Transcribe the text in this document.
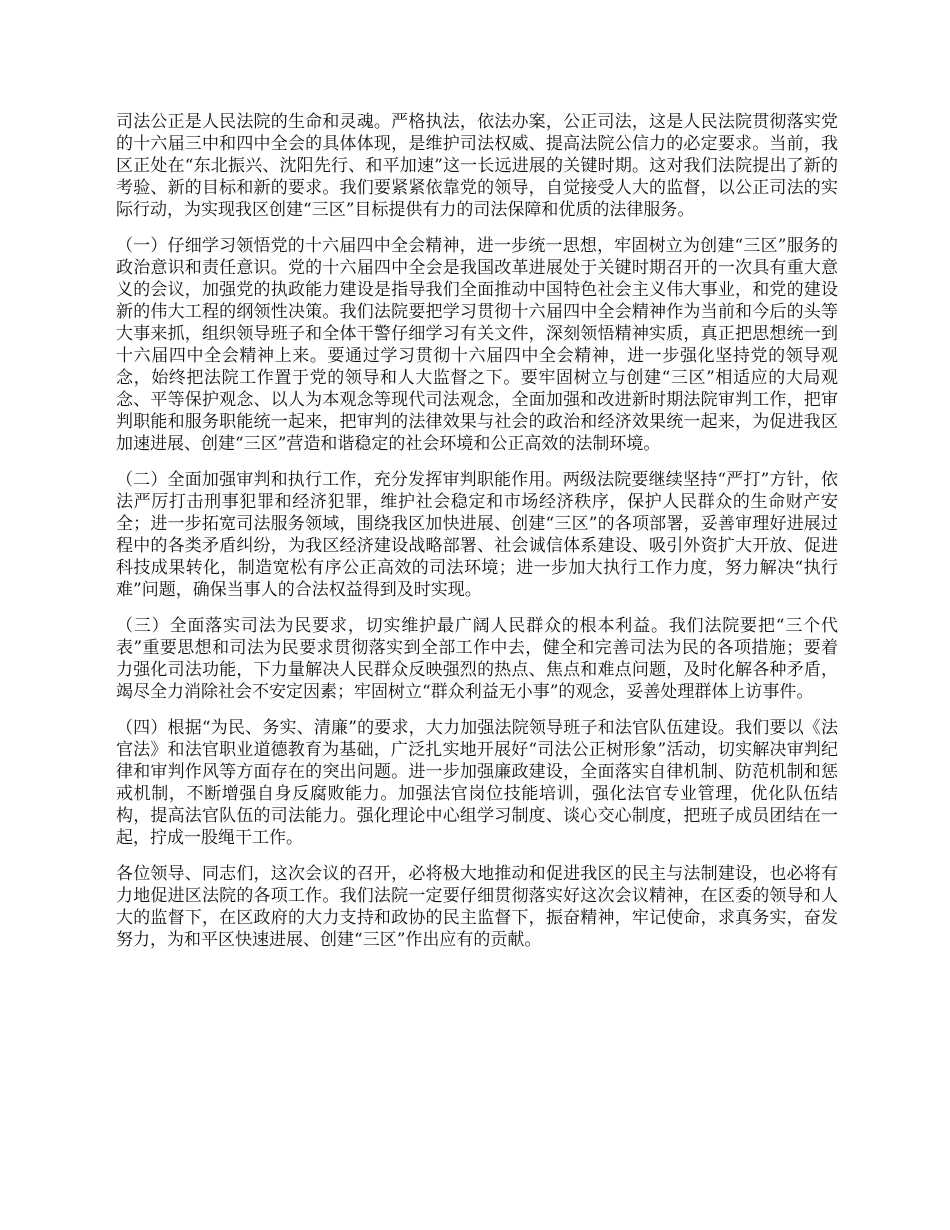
司法公正是人民法院的生命和灵魂。严格执法，依法办案，公正司法，这是人民法院贯彻落实党的十六届三中和四中全会的具体体现，是维护司法权威、提高法院公信力的必定要求。当前，我区正处在“东北振兴、沈阳先行、和平加速”这一长远进展的关键时期。这对我们法院提出了新的考验、新的目标和新的要求。我们要紧紧依靠党的领导，自觉接受人大的监督，以公正司法的实际行动，为实现我区创建“三区”目标提供有力的司法保障和优质的法律服务。

（一）仔细学习领悟党的十六届四中全会精神，进一步统一思想，牢固树立为创建“三区”服务的政治意识和责任意识。党的十六届四中全会是我国改革进展处于关键时期召开的一次具有重大意义的会议，加强党的执政能力建设是指导我们全面推动中国特色社会主义伟大事业，和党的建设新的伟大工程的纲领性决策。我们法院要把学习贯彻十六届四中全会精神作为当前和今后的头等大事来抓，组织领导班子和全体干警仔细学习有关文件，深刻领悟精神实质，真正把思想统一到十六届四中全会精神上来。要通过学习贯彻十六届四中全会精神，进一步强化坚持党的领导观念，始终把法院工作置于党的领导和人大监督之下。要牢固树立与创建“三区”相适应的大局观念、平等保护观念、以人为本观念等现代司法观念，全面加强和改进新时期法院审判工作，把审判职能和服务职能统一起来，把审判的法律效果与社会的政治和经济效果统一起来，为促进我区加速进展、创建“三区”营造和谐稳定的社会环境和公正高效的法制环境。

（二）全面加强审判和执行工作，充分发挥审判职能作用。两级法院要继续坚持“严打”方针，依法严厉打击刑事犯罪和经济犯罪，维护社会稳定和市场经济秩序，保护人民群众的生命财产安全；进一步拓宽司法服务领域，围绕我区加快进展、创建“三区”的各项部署，妥善审理好进展过程中的各类矛盾纠纷，为我区经济建设战略部署、社会诚信体系建设、吸引外资扩大开放、促进科技成果转化，制造宽松有序公正高效的司法环境；进一步加大执行工作力度，努力解决“执行难”问题，确保当事人的合法权益得到及时实现。

（三）全面落实司法为民要求，切实维护最广阔人民群众的根本利益。我们法院要把“三个代表”重要思想和司法为民要求贯彻落实到全部工作中去，健全和完善司法为民的各项措施；要着力强化司法功能，下力量解决人民群众反映强烈的热点、焦点和难点问题，及时化解各种矛盾，竭尽全力消除社会不安定因素；牢固树立“群众利益无小事”的观念，妥善处理群体上访事件。

（四）根据“为民、务实、清廉”的要求，大力加强法院领导班子和法官队伍建设。我们要以《法官法》和法官职业道德教育为基础，广泛扎实地开展好“司法公正树形象”活动，切实解决审判纪律和审判作风等方面存在的突出问题。进一步加强廉政建设，全面落实自律机制、防范机制和惩戒机制，不断增强自身反腐败能力。加强法官岗位技能培训，强化法官专业管理，优化队伍结构，提高法官队伍的司法能力。强化理论中心组学习制度、谈心交心制度，把班子成员团结在一起，拧成一股绳干工作。

各位领导、同志们，这次会议的召开，必将极大地推动和促进我区的民主与法制建设，也必将有力地促进区法院的各项工作。我们法院一定要仔细贯彻落实好这次会议精神，在区委的领导和人大的监督下，在区政府的大力支持和政协的民主监督下，振奋精神，牢记使命，求真务实，奋发努力，为和平区快速进展、创建“三区”作出应有的贡献。
